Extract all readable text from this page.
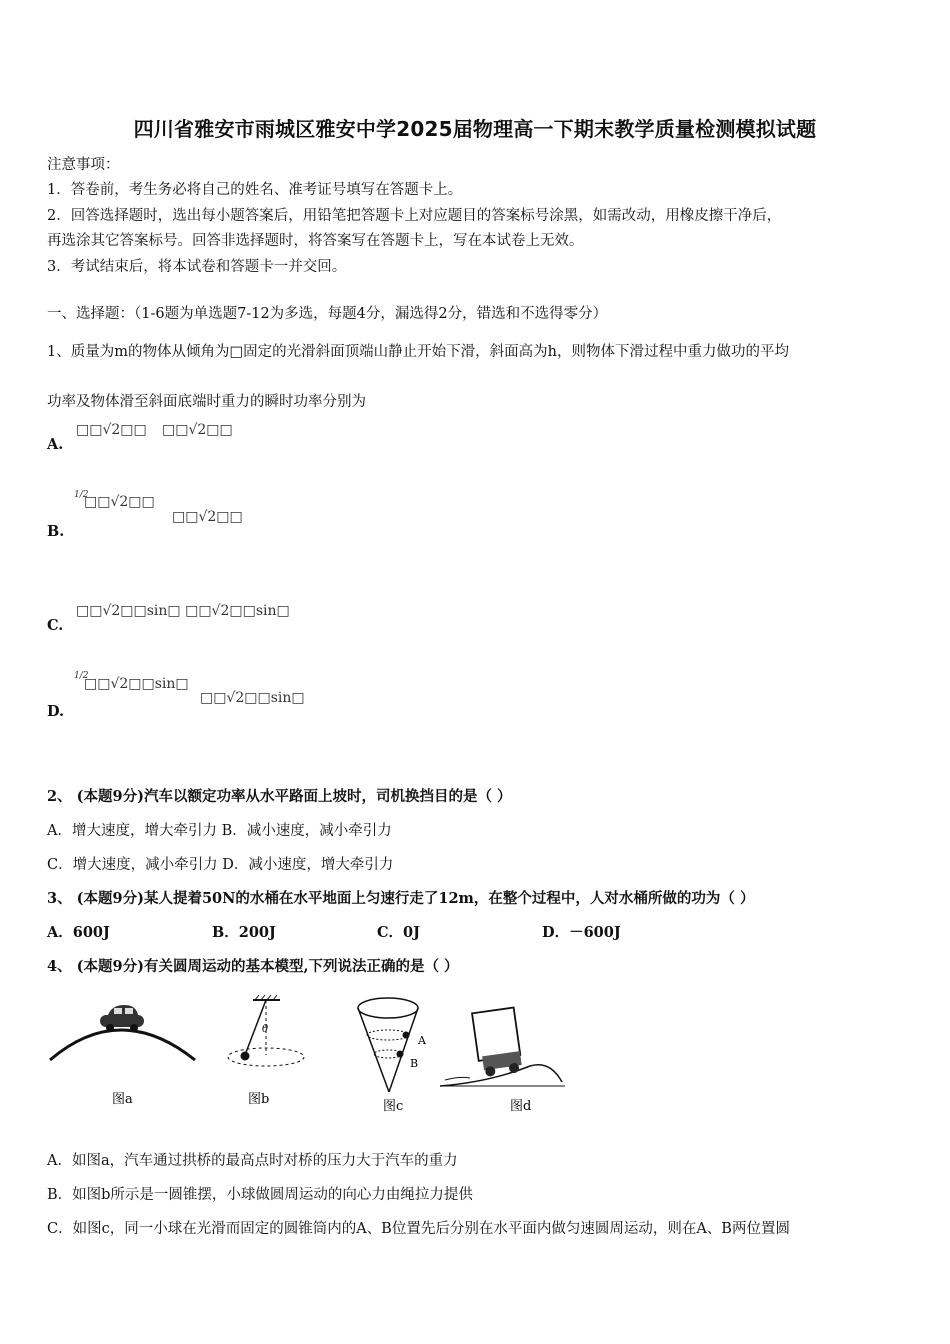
四川省雅安市雨城区雅安中学2025届物理高一下期末教学质量检测模拟试题
注意事项：
1．答卷前，考生务必将自己的姓名、准考证号填写在答题卡上。
2．回答选择题时，选出每小题答案后，用铅笔把答题卡上对应题目的答案标号涂黑，如需改动，用橡皮擦干净后，
再选涂其它答案标号。回答非选择题时，将答案写在答题卡上，写在本试卷上无效。
3．考试结束后，将本试卷和答题卡一并交回。
一、选择题：（1-6题为单选题7-12为多选，每题4分，漏选得2分，错选和不选得零分）
1、质量为m的物体从倾角为□固定的光滑斜面顶端山静止开始下滑，斜面高为h，则物体下滑过程中重力做功的平均
功率及物体滑至斜面底端时重力的瞬时功率分别为
A.
□□√2□□ □□√2□□
B.
1/2
□□√2□□
□□√2□□
C.
□□√2□□sin□ □□√2□□sin□
D.
1/2
□□√2□□sin□
□□√2□□sin□
2、 (本题9分)汽车以额定功率从水平路面上坡时，司机换挡目的是（ ）
A．增大速度，增大牵引力 B．减小速度，减小牵引力
C．增大速度，减小牵引力 D．减小速度，增大牵引力
3、 (本题9分)某人提着50N的水桶在水平地面上匀速行走了12m，在整个过程中，人对水桶所做的功为（ ）
A．600J	B．200J	C．0J	D．－600J
4、 (本题9分)有关圆周运动的基本模型,下列说法正确的是（ ）
图a
θ
图b
A
B
图c	图d
A．如图a，汽车通过拱桥的最高点时对桥的压力大于汽车的重力
B．如图b所示是一圆锥摆，小球做圆周运动的向心力由绳拉力提供
C．如图c，同一小球在光滑而固定的圆锥筒内的A、B位置先后分别在水平面内做匀速圆周运动，则在A、B两位置圆
